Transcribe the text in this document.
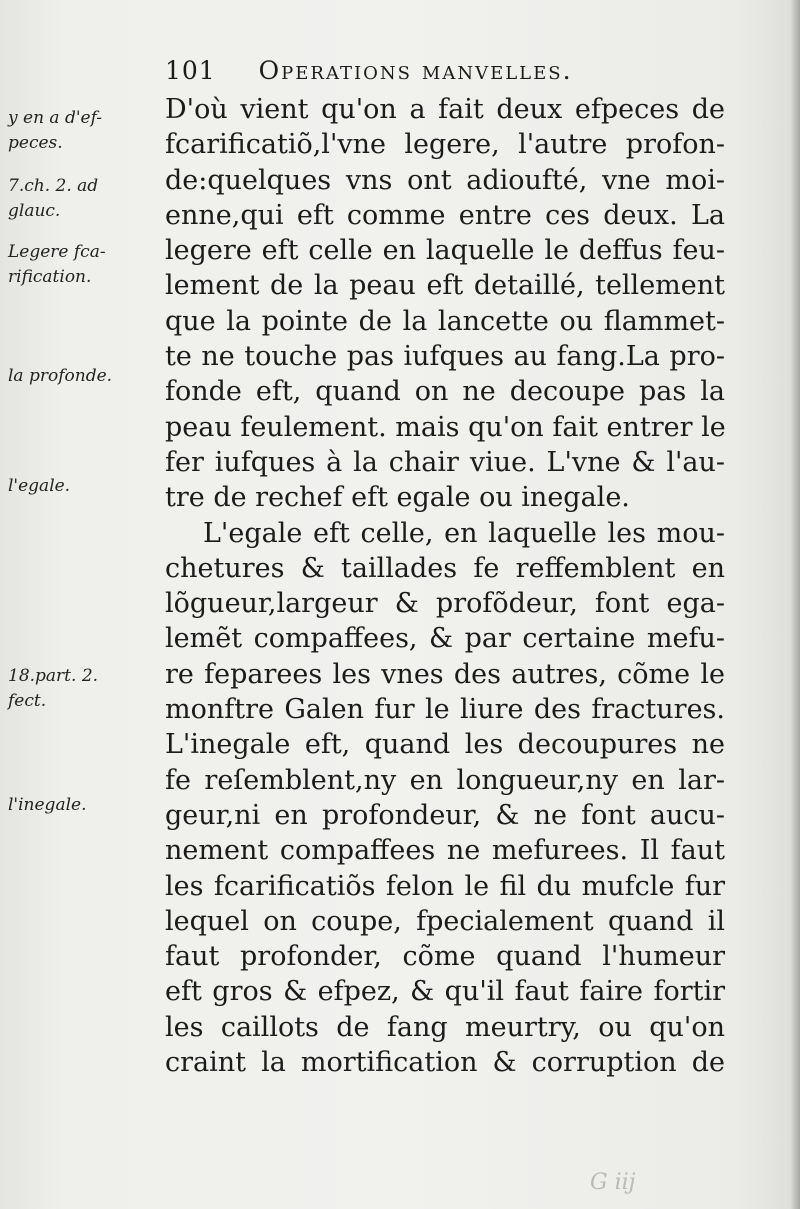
101 Operations manvelles.
y en a d'ef-
peces.
7.ch. 2. ad
glauc.
Legere fca-
rification.
la profonde.
l'egale.
18.part. 2.
fect.
l'inegale.
D'où vient qu'on a fait deux efpeces de
fcarificatiõ,l'vne legere, l'autre profon-
de:quelques vns ont adioufté, vne moi-
enne,qui eft comme entre ces deux. La
legere eft celle en laquelle le deffus feu-
lement de la peau eft detaillé, tellement
que la pointe de la lancette ou flammet-
te ne touche pas iufques au fang.La pro-
fonde eft, quand on ne decoupe pas la
peau feulement. mais qu'on fait entrer le
fer iufques à la chair viue. L'vne & l'au-
tre de rechef eft egale ou inegale.
L'egale eft celle, en laquelle les mou-
chetures & taillades fe reffemblent en
lõgueur,largeur & profõdeur, font ega-
lemẽt compaffees, & par certaine mefu-
re feparees les vnes des autres, cõme le
monftre Galen fur le liure des fractures.
L'inegale eft, quand les decoupures ne
fe reſemblent,ny en longueur,ny en lar-
geur,ni en profondeur, & ne font aucu-
nement compaffees ne mefurees. Il faut
les fcarificatiõs felon le fil du mufcle fur
lequel on coupe, fpecialement quand il
faut profonder, cõme quand l'humeur
eft gros & efpez, & qu'il faut faire fortir
les caillots de fang meurtry, ou qu'on
craint la mortification & corruption de
G iij
